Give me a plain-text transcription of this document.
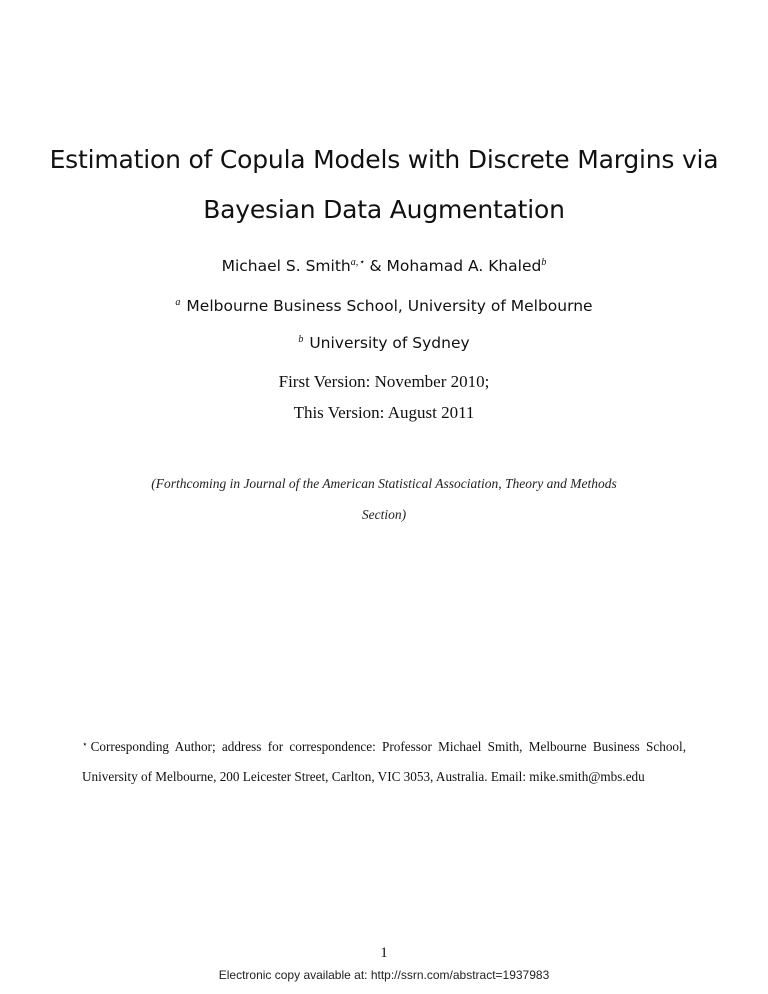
Estimation of Copula Models with Discrete Margins via
Bayesian Data Augmentation
Michael S. Smith$^{a,⋆}$ & Mohamad A. Khaled$^b$
$^a$ Melbourne Business School, University of Melbourne
$^b$ University of Sydney
First Version: November 2010;
This Version: August 2011
(Forthcoming in Journal of the American Statistical Association, Theory and Methods
Section)
⋆ Corresponding Author; address for correspondence: Professor Michael Smith, Melbourne Business School, University of Melbourne, 200 Leicester Street, Carlton, VIC 3053, Australia. Email: mike.smith@mbs.edu
1
Electronic copy available at: http://ssrn.com/abstract=1937983
